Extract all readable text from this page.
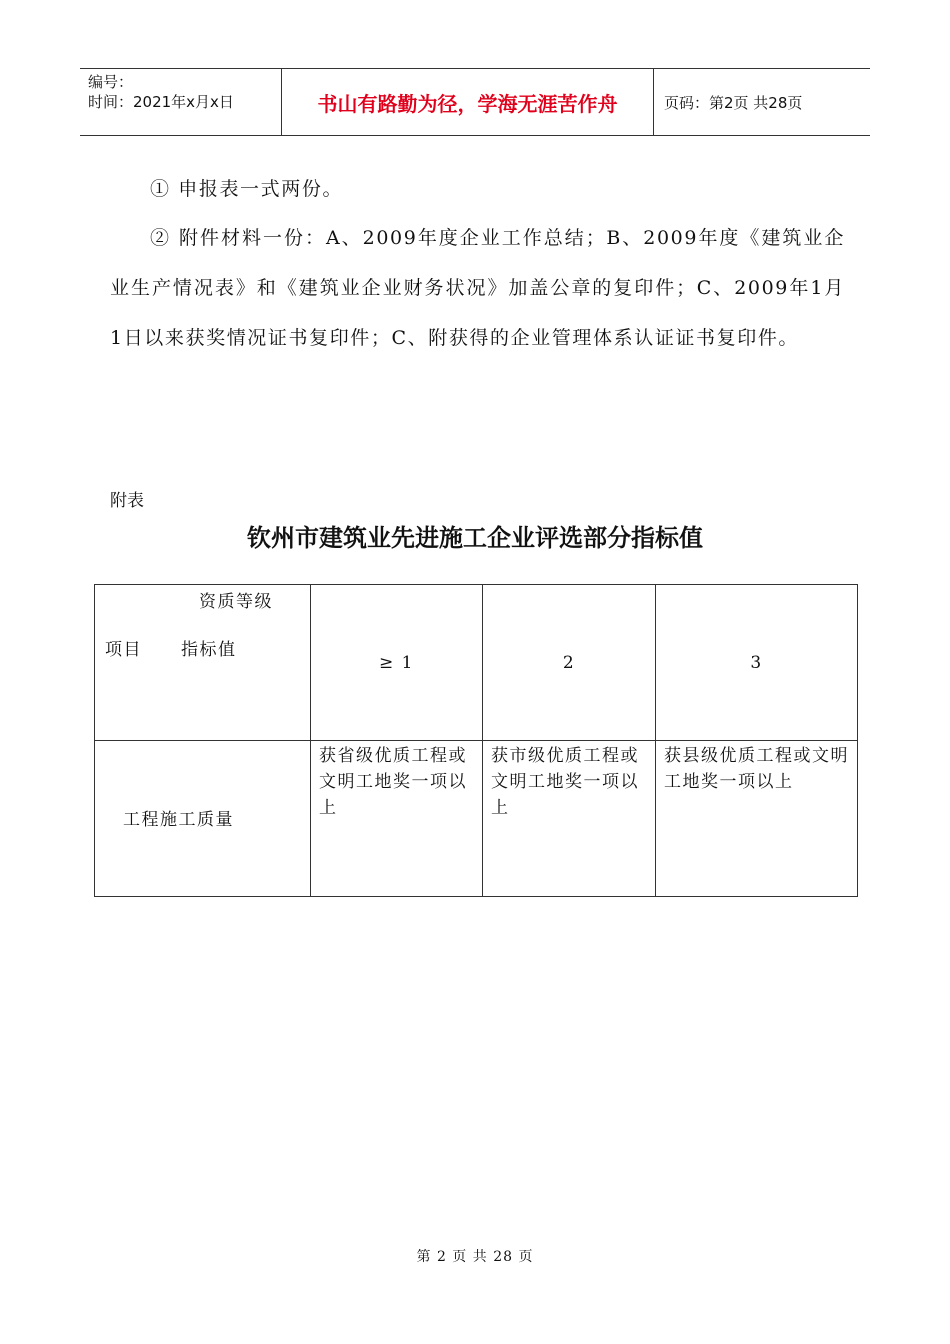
编号：
时间：2021年x月x日	书山有路勤为径，学海无涯苦作舟	页码：第2页 共28页
① 申报表一式两份。
② 附件材料一份：A、2009年度企业工作总结；B、2009年度《建筑业企业生产情况表》和《建筑业企业财务状况》加盖公章的复印件；C、2009年1月1日以来获奖情况证书复印件；C、附获得的企业管理体系认证证书复印件。
附表
钦州市建筑业先进施工企业评选部分指标值
资质等级
项目 指标值	≥ 1	2	3

工程施工质量	获省级优质工程或文明工地奖一项以上	获市级优质工程或文明工地奖一项以上	获县级优质工程或文明工地奖一项以上
第 2 页 共 28 页
